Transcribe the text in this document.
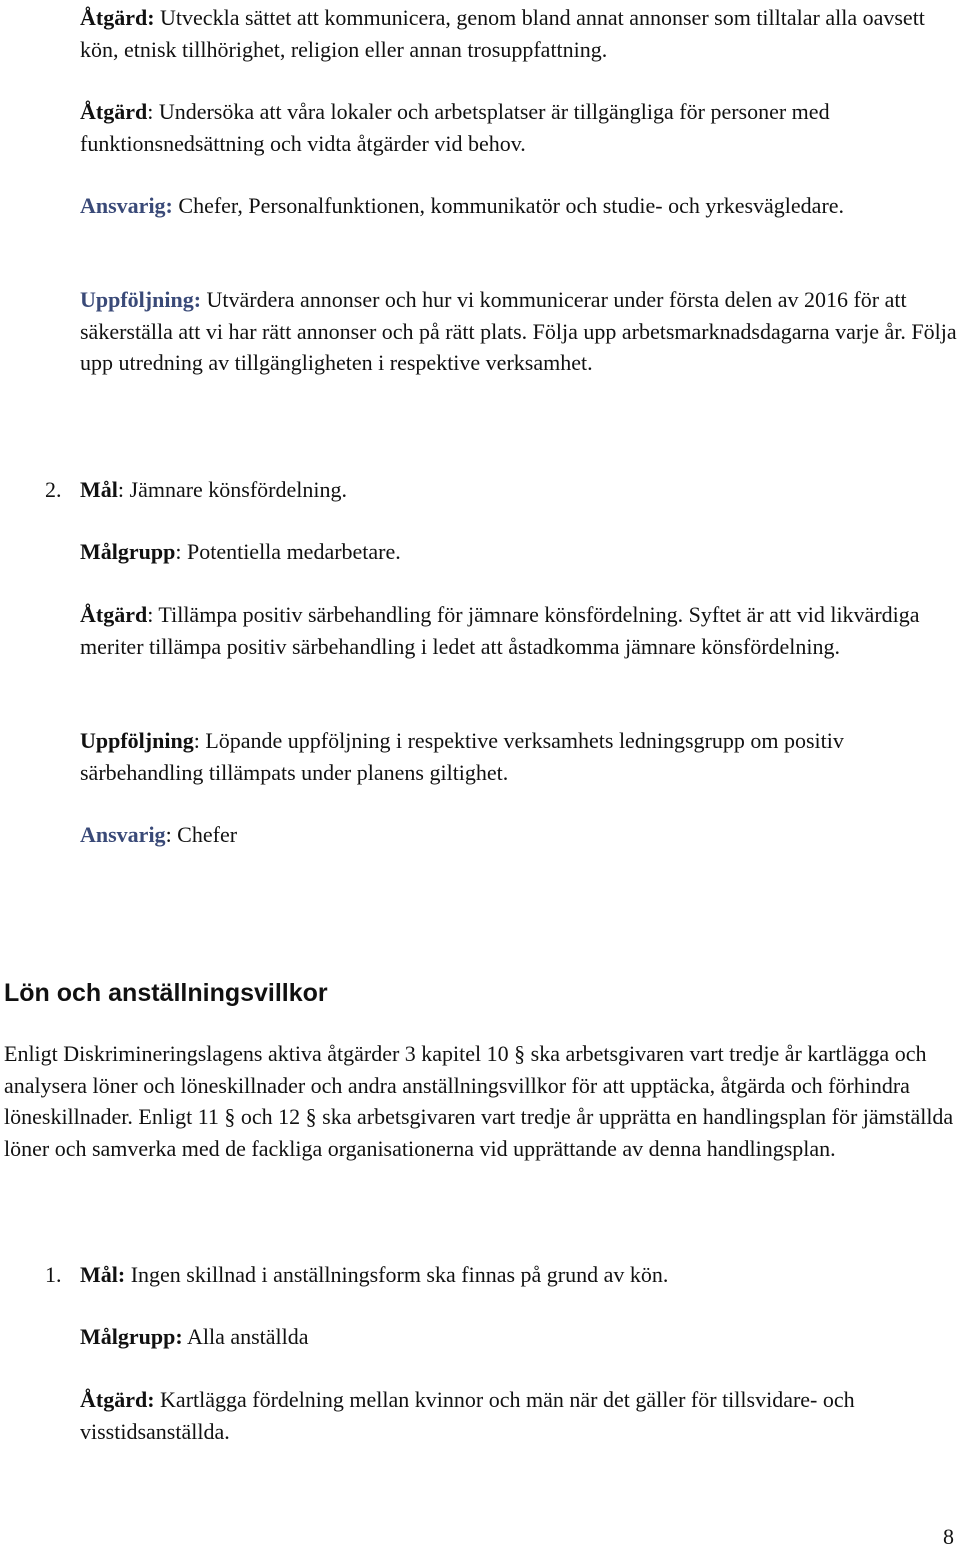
Åtgärd: Utveckla sättet att kommunicera, genom bland annat annonser som tilltalar alla oavsett kön, etnisk tillhörighet, religion eller annan trosuppfattning.

Åtgärd: Undersöka att våra lokaler och arbetsplatser är tillgängliga för personer med funktionsnedsättning och vidta åtgärder vid behov.

Ansvarig: Chefer, Personalfunktionen, kommunikatör och studie- och yrkesvägledare.

Uppföljning: Utvärdera annonser och hur vi kommunicerar under första delen av 2016 för att säkerställa att vi har rätt annonser och på rätt plats. Följa upp arbetsmarknadsdagarna varje år. Följa upp utredning av tillgängligheten i respektive verksamhet.

2. Mål: Jämnare könsfördelning.

Målgrupp: Potentiella medarbetare.

Åtgärd: Tillämpa positiv särbehandling för jämnare könsfördelning. Syftet är att vid likvärdiga meriter tillämpa positiv särbehandling i ledet att åstadkomma jämnare könsfördelning.

Uppföljning: Löpande uppföljning i respektive verksamhets ledningsgrupp om positiv särbehandling tillämpats under planens giltighet.

Ansvarig: Chefer

Lön och anställningsvillkor

Enligt Diskrimineringslagens aktiva åtgärder 3 kapitel 10 § ska arbetsgivaren vart tredje år kartlägga och analysera löner och löneskillnader och andra anställningsvillkor för att upptäcka, åtgärda och förhindra löneskillnader. Enligt 11 § och 12 § ska arbetsgivaren vart tredje år upprätta en handlingsplan för jämställda löner och samverka med de fackliga organisationerna vid upprättande av denna handlingsplan.

1. Mål: Ingen skillnad i anställningsform ska finnas på grund av kön.

Målgrupp: Alla anställda

Åtgärd: Kartlägga fördelning mellan kvinnor och män när det gäller för tillsvidare- och visstidsanställda.

8
